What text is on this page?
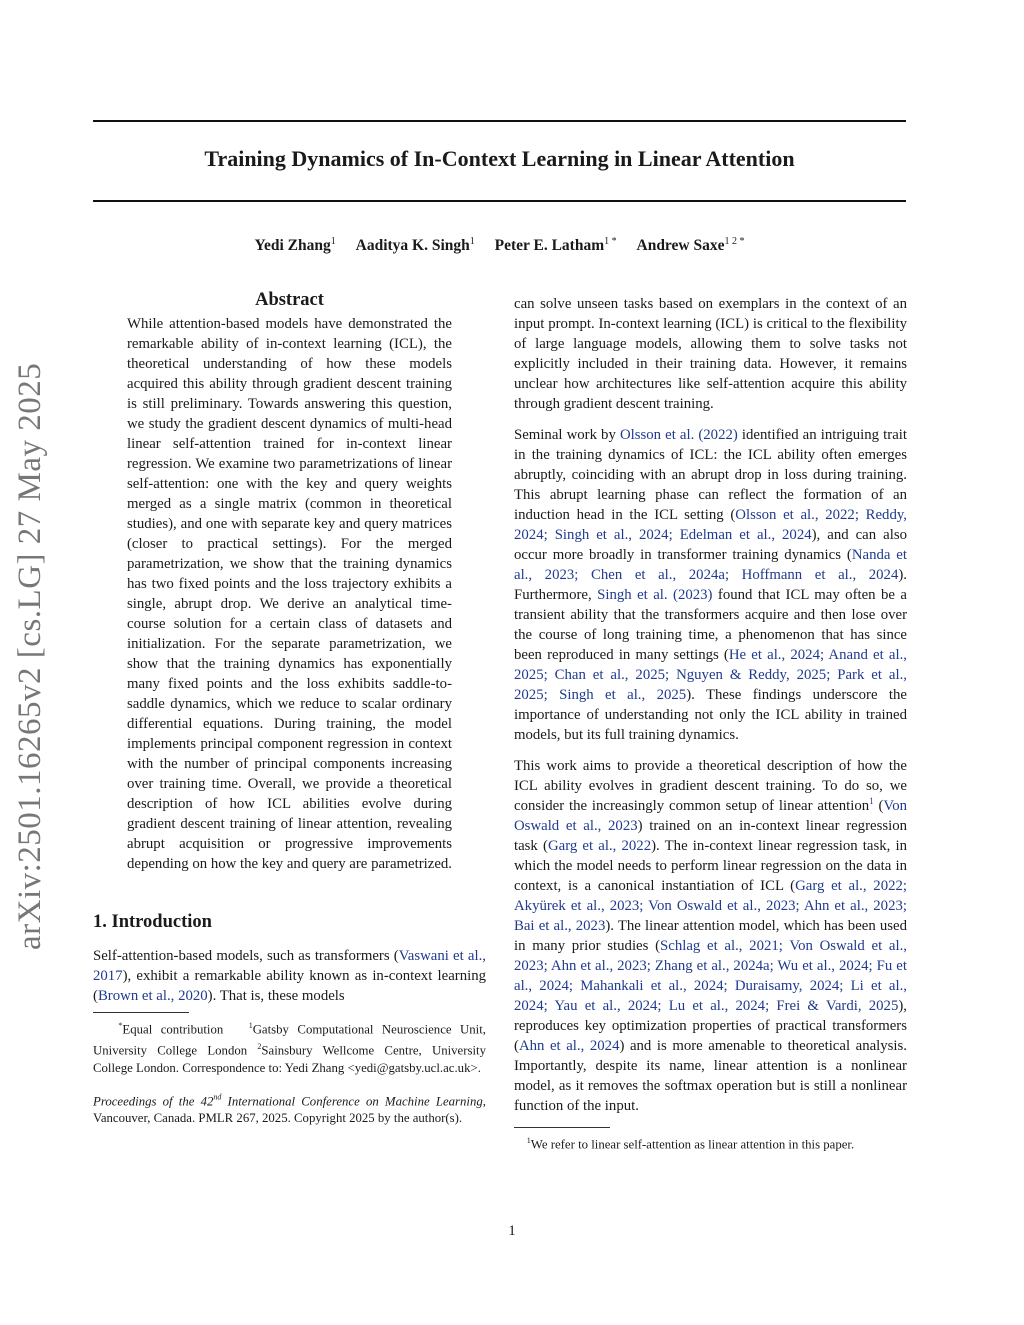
Training Dynamics of In-Context Learning in Linear Attention
Yedi Zhang$^1$ Aaditya K. Singh$^1$ Peter E. Latham$^{1 *}$ Andrew Saxe$^{1 2 *}$
arXiv:2501.16265v2 [cs.LG] 27 May 2025
Abstract

While attention-based models have demonstrated the remarkable ability of in-context learning (ICL), the theoretical understanding of how these models acquired this ability through gradient descent training is still preliminary. Towards answering this question, we study the gradient descent dynamics of multi-head linear self-attention trained for in-context linear regression. We examine two parametrizations of linear self-attention: one with the key and query weights merged as a single matrix (common in theoretical studies), and one with separate key and query matrices (closer to practical settings). For the merged parametrization, we show that the training dynamics has two fixed points and the loss trajectory exhibits a single, abrupt drop. We derive an analytical time-course solution for a certain class of datasets and initialization. For the separate parametrization, we show that the training dynamics has exponentially many fixed points and the loss exhibits saddle-to-saddle dynamics, which we reduce to scalar ordinary differential equations. During training, the model implements principal component regression in context with the number of principal components increasing over training time. Overall, we provide a theoretical description of how ICL abilities evolve during gradient descent training of linear attention, revealing abrupt acquisition or progressive improvements depending on how the key and query are parametrized.

1. Introduction

Self-attention-based models, such as transformers (Vaswani et al., 2017), exhibit a remarkable ability known as in-context learning (Brown et al., 2020). That is, these models

*Equal contribution   $^1$Gatsby Computational Neuroscience Unit, University College London $^2$Sainsbury Wellcome Centre, University College London. Correspondence to: Yedi Zhang <yedi@gatsby.ucl.ac.uk>.

Proceedings of the 42nd International Conference on Machine Learning, Vancouver, Canada. PMLR 267, 2025. Copyright 2025 by the author(s).

can solve unseen tasks based on exemplars in the context of an input prompt. In-context learning (ICL) is critical to the flexibility of large language models, allowing them to solve tasks not explicitly included in their training data. However, it remains unclear how architectures like self-attention acquire this ability through gradient descent training.

Seminal work by Olsson et al. (2022) identified an intriguing trait in the training dynamics of ICL: the ICL ability often emerges abruptly, coinciding with an abrupt drop in loss during training. This abrupt learning phase can reflect the formation of an induction head in the ICL setting (Olsson et al., 2022; Reddy, 2024; Singh et al., 2024; Edelman et al., 2024), and can also occur more broadly in transformer training dynamics (Nanda et al., 2023; Chen et al., 2024a; Hoffmann et al., 2024). Furthermore, Singh et al. (2023) found that ICL may often be a transient ability that the transformers acquire and then lose over the course of long training time, a phenomenon that has since been reproduced in many settings (He et al., 2024; Anand et al., 2025; Chan et al., 2025; Nguyen & Reddy, 2025; Park et al., 2025; Singh et al., 2025). These findings underscore the importance of understanding not only the ICL ability in trained models, but its full training dynamics.

This work aims to provide a theoretical description of how the ICL ability evolves in gradient descent training. To do so, we consider the increasingly common setup of linear attention$^1$ (Von Oswald et al., 2023) trained on an in-context linear regression task (Garg et al., 2022). The in-context linear regression task, in which the model needs to perform linear regression on the data in context, is a canonical instantiation of ICL (Garg et al., 2022; Akyürek et al., 2023; Von Oswald et al., 2023; Ahn et al., 2023; Bai et al., 2023). The linear attention model, which has been used in many prior studies (Schlag et al., 2021; Von Oswald et al., 2023; Ahn et al., 2023; Zhang et al., 2024a; Wu et al., 2024; Fu et al., 2024; Mahankali et al., 2024; Duraisamy, 2024; Li et al., 2024; Yau et al., 2024; Lu et al., 2024; Frei & Vardi, 2025), reproduces key optimization properties of practical transformers (Ahn et al., 2024) and is more amenable to theoretical analysis. Importantly, despite its name, linear attention is a nonlinear model, as it removes the softmax operation but is still a nonlinear function of the input.

$^1$We refer to linear self-attention as linear attention in this paper.

1
